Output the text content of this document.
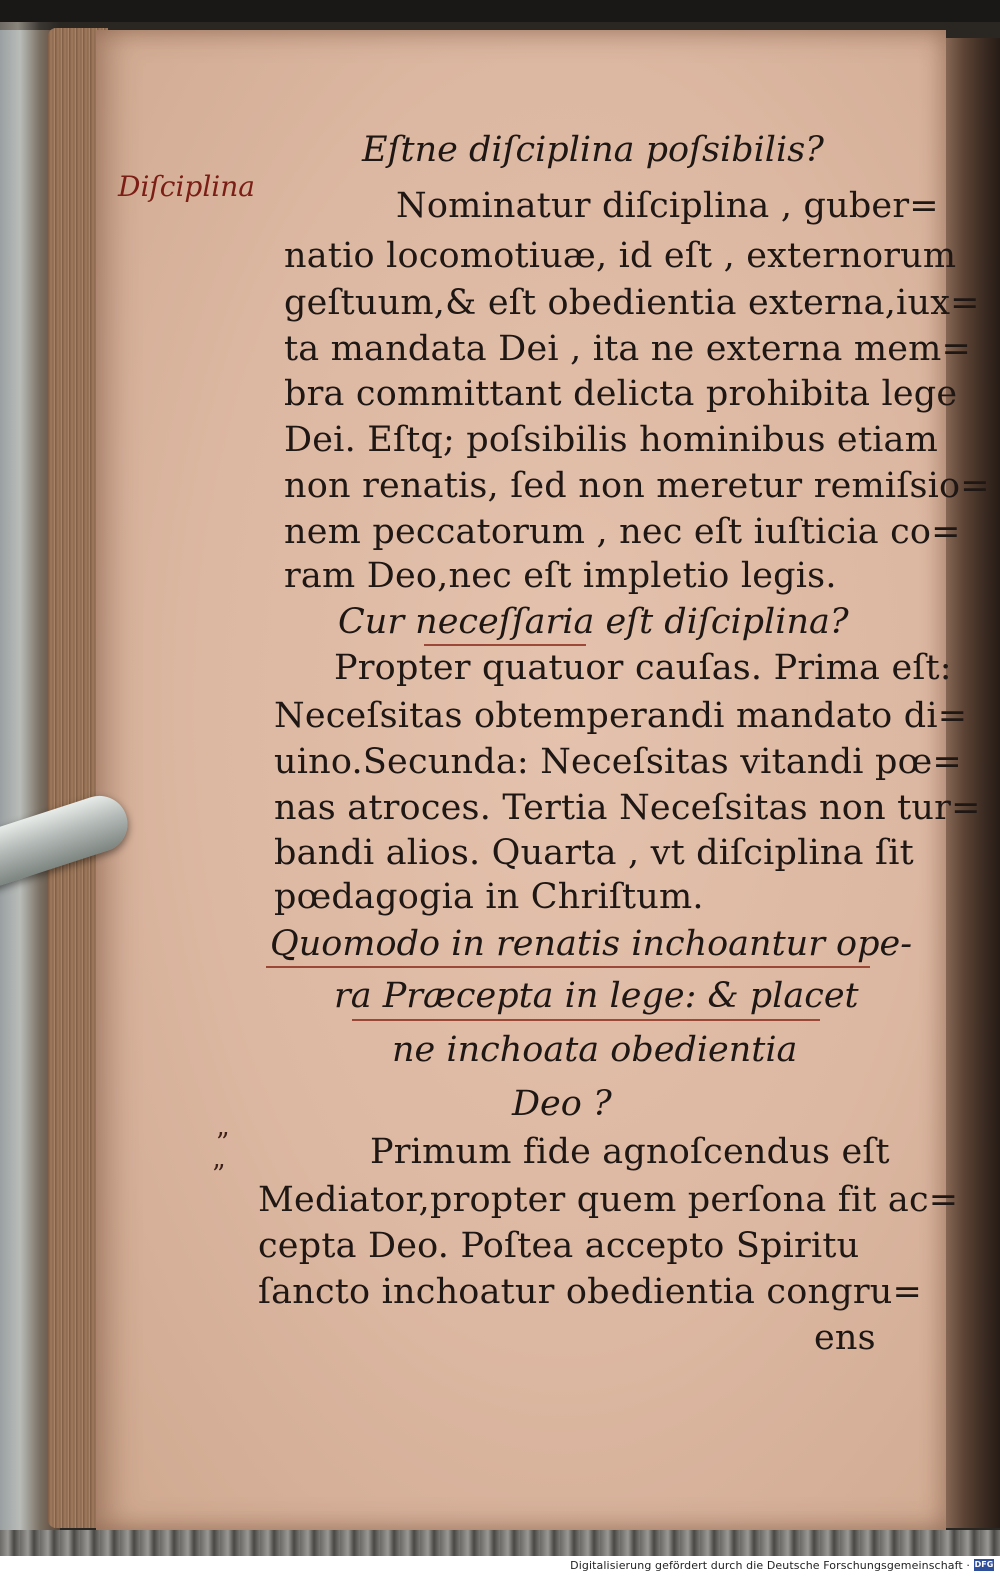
Diſciplina
Eſtne diſciplina poſsibilis?
Nominatur diſciplina , guber=
natio locomotiuæ, id eſt , externorum
geſtuum,& eſt obedientia externa,iux=
ta mandata Dei , ita ne externa mem=
bra committant delicta prohibita lege
Dei. Eſtq; poſsibilis hominibus etiam
non renatis, ſed non meretur remiſsio=
nem peccatorum , nec eſt iuſticia co=
ram Deo,nec eſt impletio legis.
Cur neceſſaria eſt diſciplina?
Propter quatuor cauſas. Prima eſt:
Neceſsitas obtemperandi mandato di=
uino.Secunda: Neceſsitas vitandi pœ=
nas atroces. Tertia Neceſsitas non tur=
bandi alios. Quarta , vt diſciplina ſit
pœdagogia in Chriſtum.
Quomodo in renatis inchoantur ope-
ra Præcepta in lege: & placet
ne inchoata obedientia
Deo ?
Primum fide agnoſcendus eſt
Mediator,propter quem perſona fit ac=
cepta Deo. Poſtea accepto Spiritu
ſancto inchoatur obedientia congru=
ens
”
”
Digitalisierung gefördert durch die Deutsche Forschungsgemeinschaft · DFG
